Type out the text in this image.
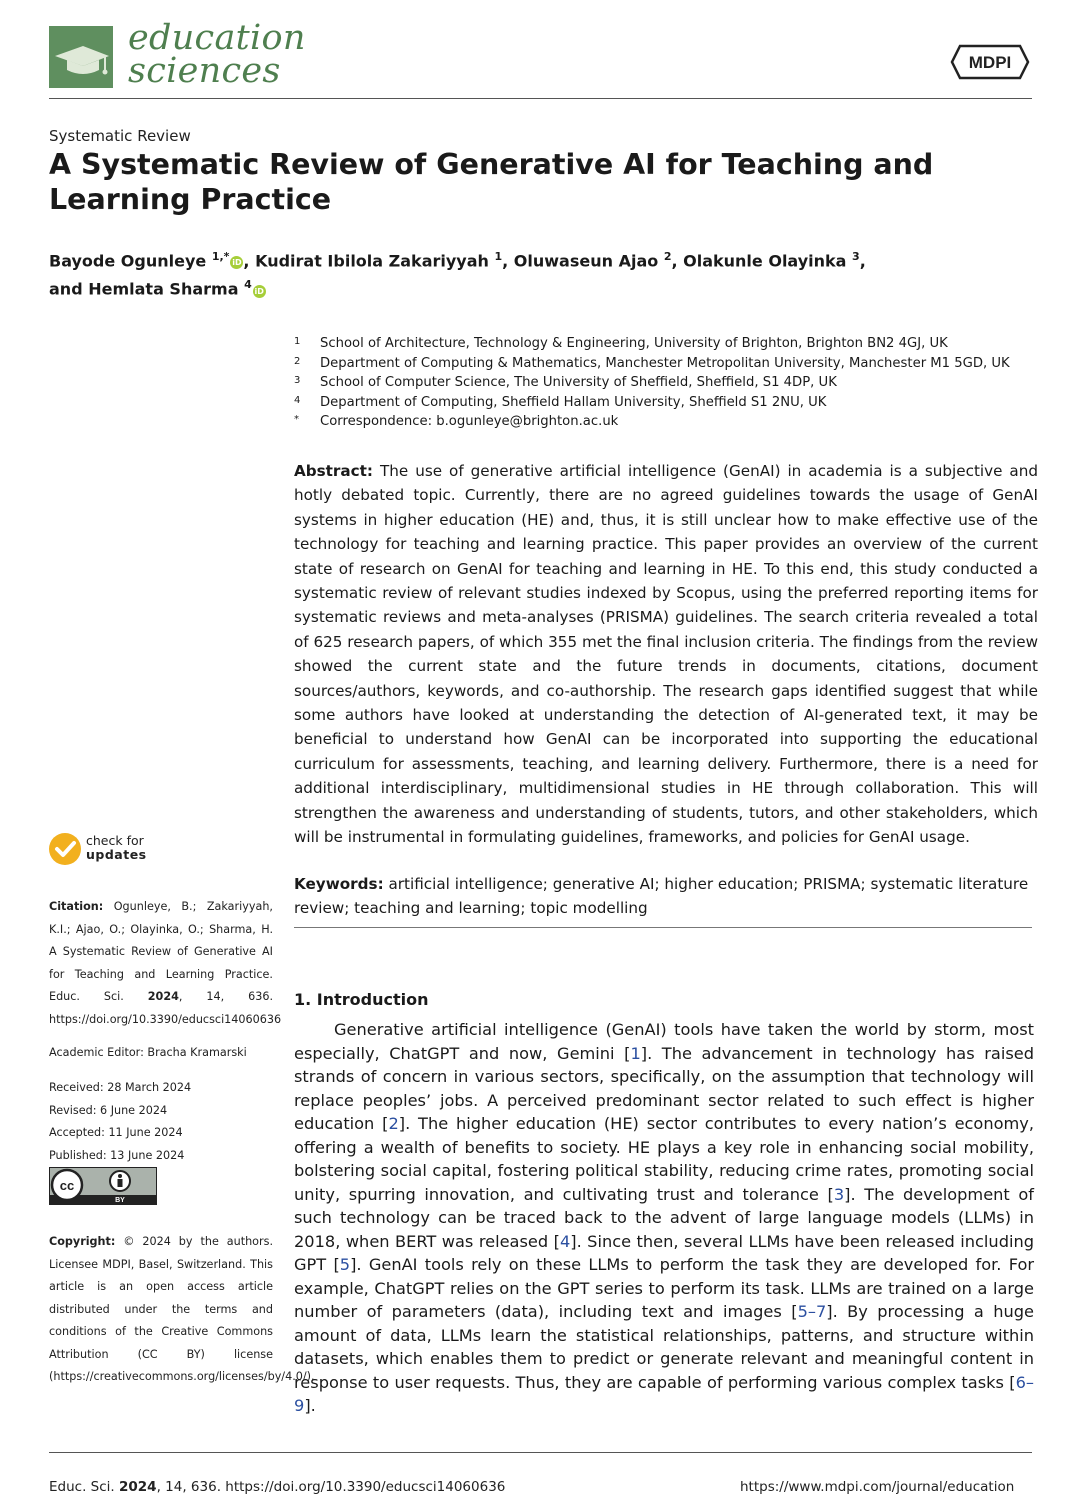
education
sciences	MDPI
Systematic Review
A Systematic Review of Generative AI for Teaching and Learning Practice
Bayode Ogunleye $^{1,*}$ iD , Kudirat Ibilola Zakariyyah $^1$, Oluwaseun Ajao $^2$, Olakunle Olayinka $^3$,
and Hemlata Sharma $^4$ iD
1	School of Architecture, Technology & Engineering, University of Brighton, Brighton BN2 4GJ, UK
2	Department of Computing & Mathematics, Manchester Metropolitan University, Manchester M1 5GD, UK
3	School of Computer Science, The University of Sheffield, Sheffield, S1 4DP, UK
4	Department of Computing, Sheffield Hallam University, Sheffield S1 2NU, UK
*	Correspondence: b.ogunleye@brighton.ac.uk
Abstract: The use of generative artificial intelligence (GenAI) in academia is a subjective and hotly debated topic. Currently, there are no agreed guidelines towards the usage of GenAI systems in higher education (HE) and, thus, it is still unclear how to make effective use of the technology for teaching and learning practice. This paper provides an overview of the current state of research on GenAI for teaching and learning in HE. To this end, this study conducted a systematic review of relevant studies indexed by Scopus, using the preferred reporting items for systematic reviews and meta-analyses (PRISMA) guidelines. The search criteria revealed a total of 625 research papers, of which 355 met the final inclusion criteria. The findings from the review showed the current state and the future trends in documents, citations, document sources/authors, keywords, and co-authorship. The research gaps identified suggest that while some authors have looked at understanding the detection of AI-generated text, it may be beneficial to understand how GenAI can be incorporated into supporting the educational curriculum for assessments, teaching, and learning delivery. Furthermore, there is a need for additional interdisciplinary, multidimensional studies in HE through collaboration. This will strengthen the awareness and understanding of students, tutors, and other stakeholders, which will be instrumental in formulating guidelines, frameworks, and policies for GenAI usage.
Keywords: artificial intelligence; generative AI; higher education; PRISMA; systematic literature review; teaching and learning; topic modelling
1. Introduction
Generative artificial intelligence (GenAI) tools have taken the world by storm, most especially, ChatGPT and now, Gemini [1]. The advancement in technology has raised strands of concern in various sectors, specifically, on the assumption that technology will replace peoples’ jobs. A perceived predominant sector related to such effect is higher education [2]. The higher education (HE) sector contributes to every nation’s economy, offering a wealth of benefits to society. HE plays a key role in enhancing social mobility, bolstering social capital, fostering political stability, reducing crime rates, promoting social unity, spurring innovation, and cultivating trust and tolerance [3]. The development of such technology can be traced back to the advent of large language models (LLMs) in 2018, when BERT was released [4]. Since then, several LLMs have been released including GPT [5]. GenAI tools rely on these LLMs to perform the task they are developed for. For example, ChatGPT relies on the GPT series to perform its task. LLMs are trained on a large number of parameters (data), including text and images [5–7]. By processing a huge amount of data, LLMs learn the statistical relationships, patterns, and structure within datasets, which enables them to predict or generate relevant and meaningful content in response to user requests. Thus, they are capable of performing various complex tasks [6–9].
check for
updates
Citation: Ogunleye, B.; Zakariyyah, K.I.; Ajao, O.; Olayinka, O.; Sharma, H. A Systematic Review of Generative AI for Teaching and Learning Practice. Educ. Sci. 2024, 14, 636. https://doi.org/10.3390/educsci14060636
Academic Editor: Bracha Kramarski
Received: 28 March 2024
Revised: 6 June 2024
Accepted: 11 June 2024
Published: 13 June 2024
cc
BY
Copyright: © 2024 by the authors. Licensee MDPI, Basel, Switzerland. This article is an open access article distributed under the terms and conditions of the Creative Commons Attribution (CC BY) license (https://creativecommons.org/licenses/by/4.0/).
Educ. Sci. 2024, 14, 636. https://doi.org/10.3390/educsci14060636	https://www.mdpi.com/journal/education
